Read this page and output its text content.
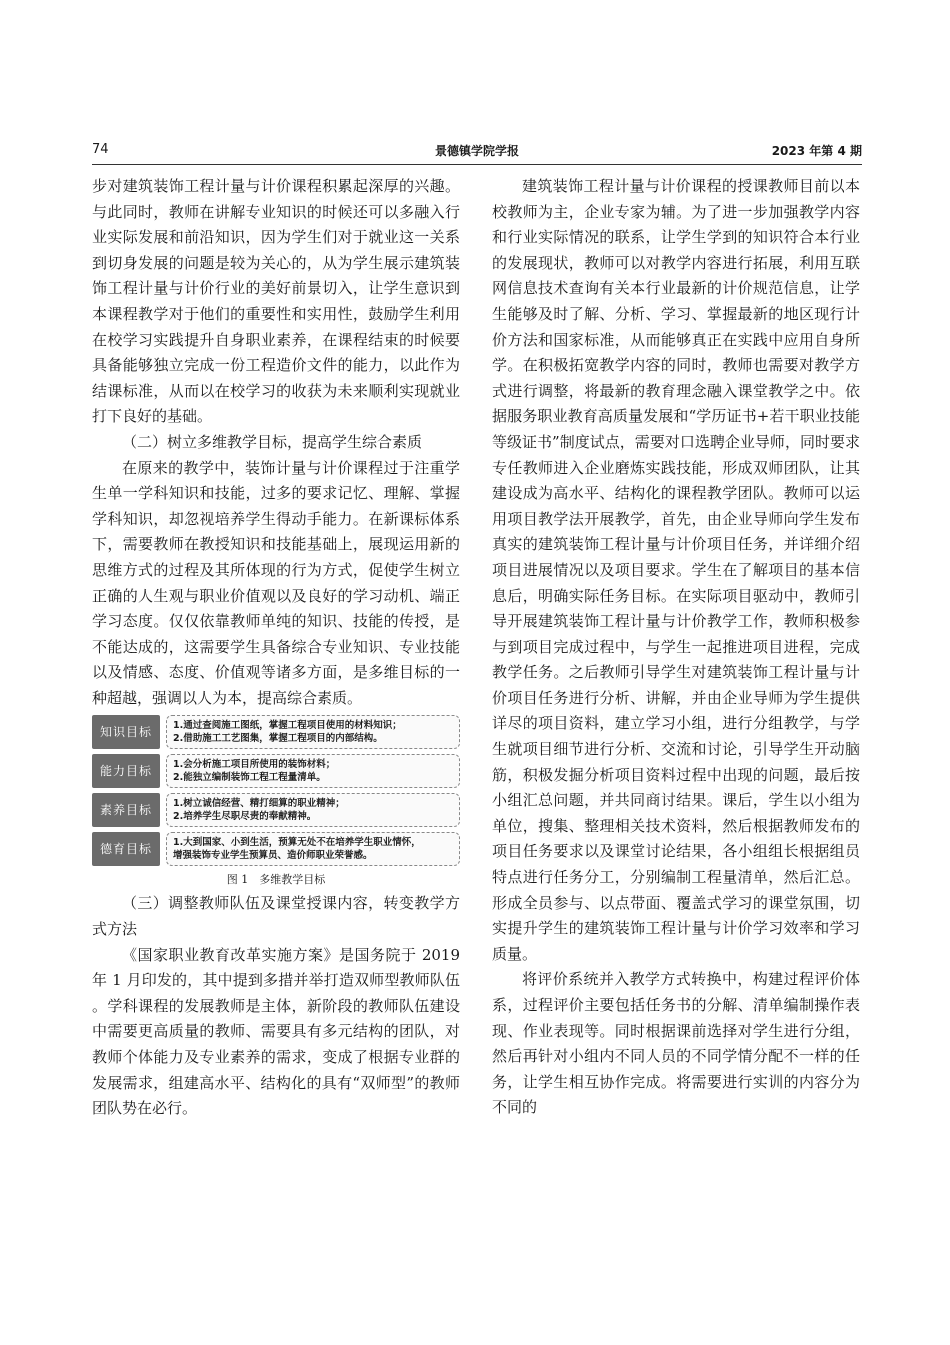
74	景德镇学院学报	2023 年第 4 期

步对建筑装饰工程计量与计价课程积累起深厚的兴趣。与此同时，教师在讲解专业知识的时候还可以多融入行业实际发展和前沿知识，因为学生们对于就业这一关系到切身发展的问题是较为关心的，从为学生展示建筑装饰工程计量与计价行业的美好前景切入，让学生意识到本课程教学对于他们的重要性和实用性，鼓励学生利用在校学习实践提升自身职业素养，在课程结束的时候要具备能够独立完成一份工程造价文件的能力，以此作为结课标准，从而以在校学习的收获为未来顺利实现就业打下良好的基础。

（二）树立多维教学目标，提高学生综合素质

在原来的教学中，装饰计量与计价课程过于注重学生单一学科知识和技能，过多的要求记忆、理解、掌握学科知识，却忽视培养学生得动手能力。在新课标体系下，需要教师在教授知识和技能基础上，展现运用新的思维方式的过程及其所体现的行为方式，促使学生树立正确的人生观与职业价值观以及良好的学习动机、端正学习态度。仅仅依靠教师单纯的知识、技能的传授，是不能达成的，这需要学生具备综合专业知识、专业技能以及情感、态度、价值观等诸多方面，是多维目标的一种超越，强调以人为本，提高综合素质。

知识目标	1.通过查阅施工图纸，掌握工程项目使用的材料知识；
2.借助施工工艺图集，掌握工程项目的内部结构。
能力目标	1.会分析施工项目所使用的装饰材料；
2.能独立编制装饰工程工程量清单。
素养目标	1.树立诚信经营、精打细算的职业精神；
2.培养学生尽职尽责的奉献精神。
德育目标	1.大到国家、小到生活，预算无处不在培养学生职业情怀，
增强装饰专业学生预算员、造价师职业荣誉感。
图 1　多维教学目标

（三）调整教师队伍及课堂授课内容，转变教学方式方法

《国家职业教育改革实施方案》是国务院于 2019 年 1 月印发的，其中提到多措并举打造双师型教师队伍 。学科课程的发展教师是主体，新阶段的教师队伍建设中需要更高质量的教师、需要具有多元结构的团队，对教师个体能力及专业素养的需求，变成了根据专业群的发展需求，组建高水平、结构化的具有“双师型”的教师团队势在必行。

建筑装饰工程计量与计价课程的授课教师目前以本校教师为主，企业专家为辅。为了进一步加强教学内容和行业实际情况的联系，让学生学到的知识符合本行业的发展现状，教师可以对教学内容进行拓展，利用互联网信息技术查询有关本行业最新的计价规范信息，让学生能够及时了解、分析、学习、掌握最新的地区现行计价方法和国家标准，从而能够真正在实践中应用自身所学。在积极拓宽教学内容的同时，教师也需要对教学方式进行调整，将最新的教育理念融入课堂教学之中。依据服务职业教育高质量发展和“学历证书+若干职业技能等级证书”制度试点，需要对口选聘企业导师，同时要求专任教师进入企业磨炼实践技能，形成双师团队，让其建设成为高水平、结构化的课程教学团队。教师可以运用项目教学法开展教学，首先，由企业导师向学生发布真实的建筑装饰工程计量与计价项目任务，并详细介绍项目进展情况以及项目要求。学生在了解项目的基本信息后，明确实际任务目标。在实际项目驱动中，教师引导开展建筑装饰工程计量与计价教学工作，教师积极参与到项目完成过程中，与学生一起推进项目进程，完成教学任务。之后教师引导学生对建筑装饰工程计量与计价项目任务进行分析、讲解，并由企业导师为学生提供详尽的项目资料，建立学习小组，进行分组教学，与学生就项目细节进行分析、交流和讨论，引导学生开动脑筋，积极发掘分析项目资料过程中出现的问题，最后按小组汇总问题，并共同商讨结果。课后，学生以小组为单位，搜集、整理相关技术资料，然后根据教师发布的项目任务要求以及课堂讨论结果，各小组组长根据组员特点进行任务分工，分别编制工程量清单，然后汇总。形成全员参与、以点带面、覆盖式学习的课堂氛围，切实提升学生的建筑装饰工程计量与计价学习效率和学习质量。

将评价系统并入教学方式转换中，构建过程评价体系，过程评价主要包括任务书的分解、清单编制操作表现、作业表现等。同时根据课前选择对学生进行分组，然后再针对小组内不同人员的不同学情分配不一样的任务，让学生相互协作完成。将需要进行实训的内容分为不同的
